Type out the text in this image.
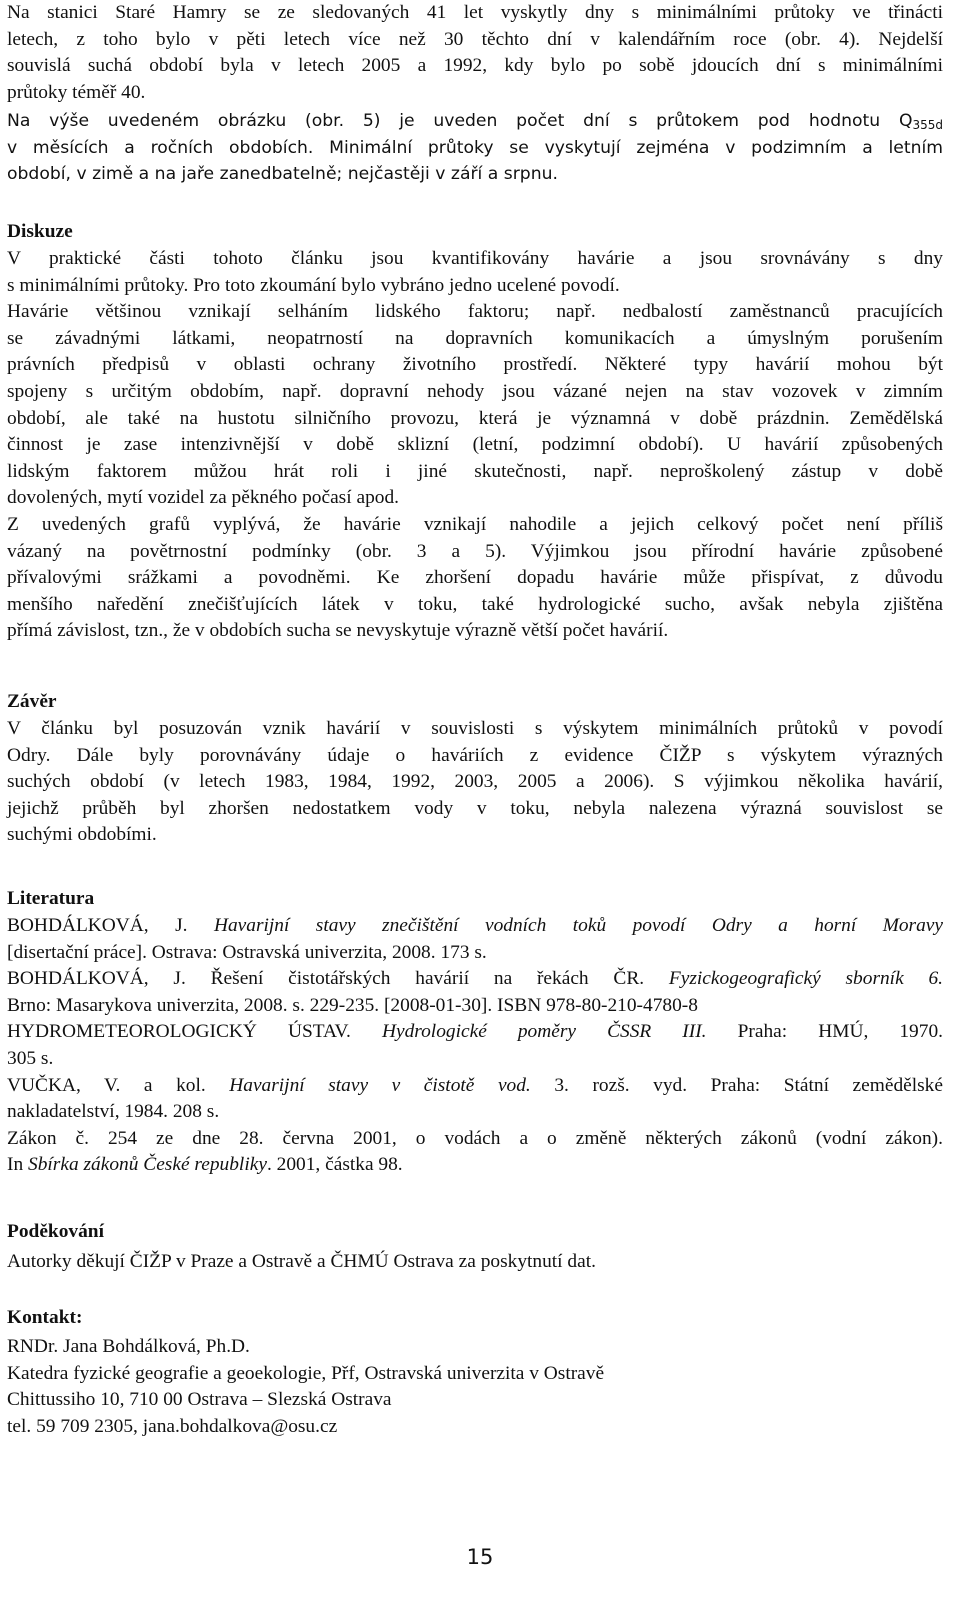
Na stanici Staré Hamry se ze sledovaných 41 let vyskytly dny s minimálními průtoky ve třinácti
letech, z toho bylo v pěti letech více než 30 těchto dní v kalendářním roce (obr. 4). Nejdelší
souvislá suchá období byla v letech 2005 a 1992, kdy bylo po sobě jdoucích dní s minimálními
průtoky téměř 40.
Na výše uvedeném obrázku (obr. 5) je uveden počet dní s průtokem pod hodnotu $Q_{355d}$
v měsících a ročních obdobích. Minimální průtoky se vyskytují zejména v podzimním a letním
období, v zimě a na jaře zanedbatelně; nejčastěji v září a srpnu.
Diskuze
V praktické části tohoto článku jsou kvantifikovány havárie a jsou srovnávány s dny
s minimálními průtoky. Pro toto zkoumání bylo vybráno jedno ucelené povodí.
Havárie většinou vznikají selháním lidského faktoru; např. nedbalostí zaměstnanců pracujících
se závadnými látkami, neopatrností na dopravních komunikacích a úmyslným porušením
právních předpisů v oblasti ochrany životního prostředí. Některé typy havárií mohou být
spojeny s určitým obdobím, např. dopravní nehody jsou vázané nejen na stav vozovek v zimním
období, ale také na hustotu silničního provozu, která je významná v době prázdnin. Zemědělská
činnost je zase intenzivnější v době sklizní (letní, podzimní období). U havárií způsobených
lidským faktorem můžou hrát roli i jiné skutečnosti, např. neproškolený zástup v době
dovolených, mytí vozidel za pěkného počasí apod.
Z uvedených grafů vyplývá, že havárie vznikají nahodile a jejich celkový počet není příliš
vázaný na povětrnostní podmínky (obr. 3 a 5). Výjimkou jsou přírodní havárie způsobené
přívalovými srážkami a povodněmi. Ke zhoršení dopadu havárie může přispívat, z důvodu
menšího naředění znečišťujících látek v toku, také hydrologické sucho, avšak nebyla zjištěna
přímá závislost, tzn., že v obdobích sucha se nevyskytuje výrazně větší počet havárií.
Závěr
V článku byl posuzován vznik havárií v souvislosti s výskytem minimálních průtoků v povodí
Odry. Dále byly porovnávány údaje o haváriích z evidence ČIŽP s výskytem výrazných
suchých období (v letech 1983, 1984, 1992, 2003, 2005 a 2006). S výjimkou několika havárií,
jejichž průběh byl zhoršen nedostatkem vody v toku, nebyla nalezena výrazná souvislost se
suchými obdobími.
Literatura
BOHDÁLKOVÁ, J. Havarijní stavy znečištění vodních toků povodí Odry a horní Moravy
[disertační práce]. Ostrava: Ostravská univerzita, 2008. 173 s.
BOHDÁLKOVÁ, J. Řešení čistotářských havárií na řekách ČR. Fyzickogeografický sborník 6.
Brno: Masarykova univerzita, 2008. s. 229-235. [2008-01-30]. ISBN 978-80-210-4780-8
HYDROMETEOROLOGICKÝ ÚSTAV. Hydrologické poměry ČSSR III. Praha: HMÚ, 1970.
305 s.
VUČKA, V. a kol. Havarijní stavy v čistotě vod. 3. rozš. vyd. Praha: Státní zemědělské
nakladatelství, 1984. 208 s.
Zákon č. 254 ze dne 28. června 2001, o vodách a o změně některých zákonů (vodní zákon).
In Sbírka zákonů České republiky. 2001, částka 98.
Poděkování
Autorky děkují ČIŽP v Praze a Ostravě a ČHMÚ Ostrava za poskytnutí dat.
Kontakt:
RNDr. Jana Bohdálková, Ph.D.
Katedra fyzické geografie a geoekologie, Přf, Ostravská univerzita v Ostravě
Chittussiho 10, 710 00 Ostrava – Slezská Ostrava
tel. 59 709 2305, jana.bohdalkova@osu.cz
15
